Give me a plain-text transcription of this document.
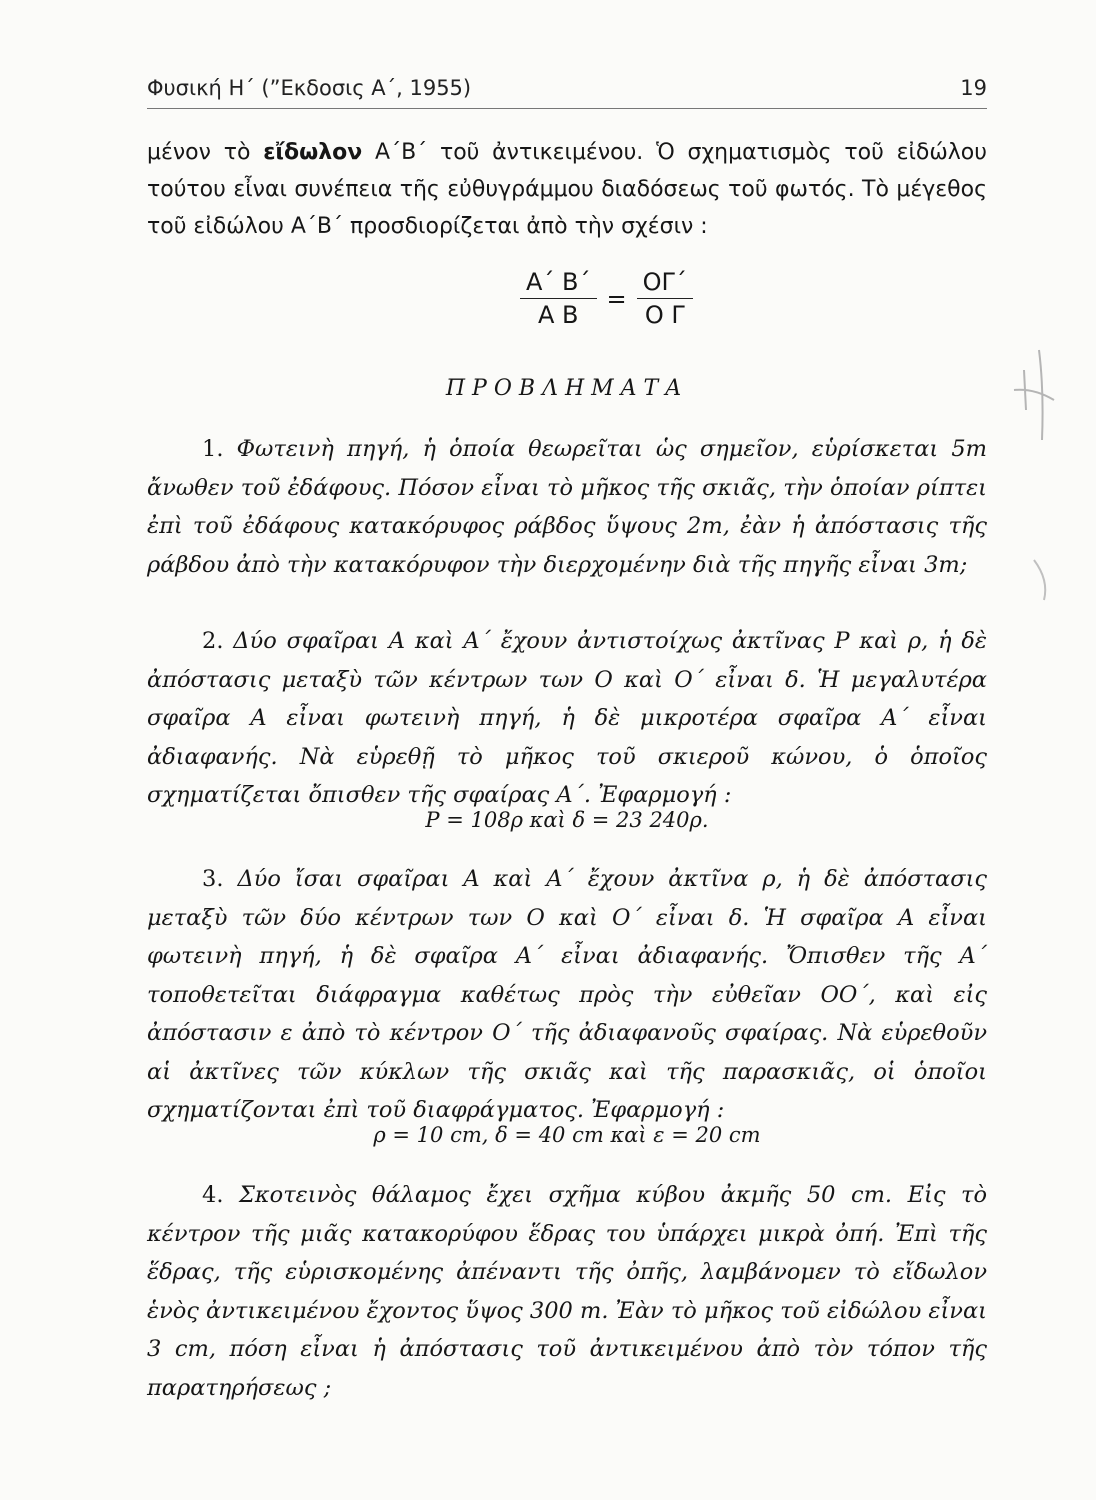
Φυσική Η΄ (”Εκδοσις Α΄, 1955)	19
μένον τὸ εἴδωλον Α΄Β΄ τοῦ ἀντικειμένου. Ὁ σχηματισμὸς τοῦ εἰδώλου τούτου εἶναι συνέπεια τῆς εὐθυγράμμου διαδόσεως τοῦ φωτός. Τὸ μέγεθος τοῦ εἰδώλου Α΄Β΄ προσδιορίζεται ἀπὸ τὴν σχέσιν :
$\frac{A΄ B΄}{\text{Α Β}} = \frac{O\Gamma΄}{\text{Ο Γ}}$
ΠΡΟΒΛΗΜΑΤΑ
1. Φωτεινὴ πηγή, ἡ ὁποία θεωρεῖται ὡς σημεῖον, εὑρίσκεται 5m ἄνωθεν τοῦ ἐδάφους. Πόσον εἶναι τὸ μῆκος τῆς σκιᾶς, τὴν ὁποίαν ρίπτει ἐπὶ τοῦ ἐδάφους κατακόρυφος ράβδος ὕψους 2m, ἐὰν ἡ ἀπόστασις τῆς ράβδου ἀπὸ τὴν κατακόρυφον τὴν διερχομένην διὰ τῆς πηγῆς εἶναι 3m;
2. Δύο σφαῖραι Α καὶ Α΄ ἔχουν ἀντιστοίχως ἀκτῖνας Ρ καὶ ρ, ἡ δὲ ἀπόστασις μεταξὺ τῶν κέντρων των Ο καὶ Ο΄ εἶναι δ. Ἡ μεγαλυτέρα σφαῖρα Α εἶναι φωτεινὴ πηγή, ἡ δὲ μικροτέρα σφαῖρα Α΄ εἶναι ἀδιαφανής. Νὰ εὑρεθῇ τὸ μῆκος τοῦ σκιεροῦ κώνου, ὁ ὁποῖος σχηματίζεται ὄπισθεν τῆς σφαίρας Α΄. Ἐφαρμογή :
Ρ = 108ρ καὶ δ = 23 240ρ.
3. Δύο ἴσαι σφαῖραι Α καὶ Α΄ ἔχουν ἀκτῖνα ρ, ἡ δὲ ἀπόστασις μεταξὺ τῶν δύο κέντρων των Ο καὶ Ο΄ εἶναι δ. Ἡ σφαῖρα Α εἶναι φωτεινὴ πηγή, ἡ δὲ σφαῖρα Α΄ εἶναι ἀδιαφανής. Ὄπισθεν τῆς Α΄ τοποθετεῖται διάφραγμα καθέτως πρὸς τὴν εὐθεῖαν ΟΟ΄, καὶ εἰς ἀπόστασιν ε ἀπὸ τὸ κέντρον Ο΄ τῆς ἀδιαφανοῦς σφαίρας. Νὰ εὑρεθοῦν αἱ ἀκτῖνες τῶν κύκλων τῆς σκιᾶς καὶ τῆς παρασκιᾶς, οἱ ὁποῖοι σχηματίζονται ἐπὶ τοῦ διαφράγματος. Ἐφαρμογή :
ρ = 10 cm, δ = 40 cm καὶ ε = 20 cm
4. Σκοτεινὸς θάλαμος ἔχει σχῆμα κύβου ἀκμῆς 50 cm. Εἰς τὸ κέντρον τῆς μιᾶς κατακορύφου ἕδρας του ὑπάρχει μικρὰ ὀπή. Ἐπὶ τῆς ἕδρας, τῆς εὑρισκομένης ἀπέναντι τῆς ὀπῆς, λαμβάνομεν τὸ εἴδωλον ἑνὸς ἀντικειμένου ἔχοντος ὕψος 300 m. Ἐὰν τὸ μῆκος τοῦ εἰδώλου εἶναι 3 cm, πόση εἶναι ἡ ἀπόστασις τοῦ ἀντικειμένου ἀπὸ τὸν τόπον τῆς παρατηρήσεως ;
